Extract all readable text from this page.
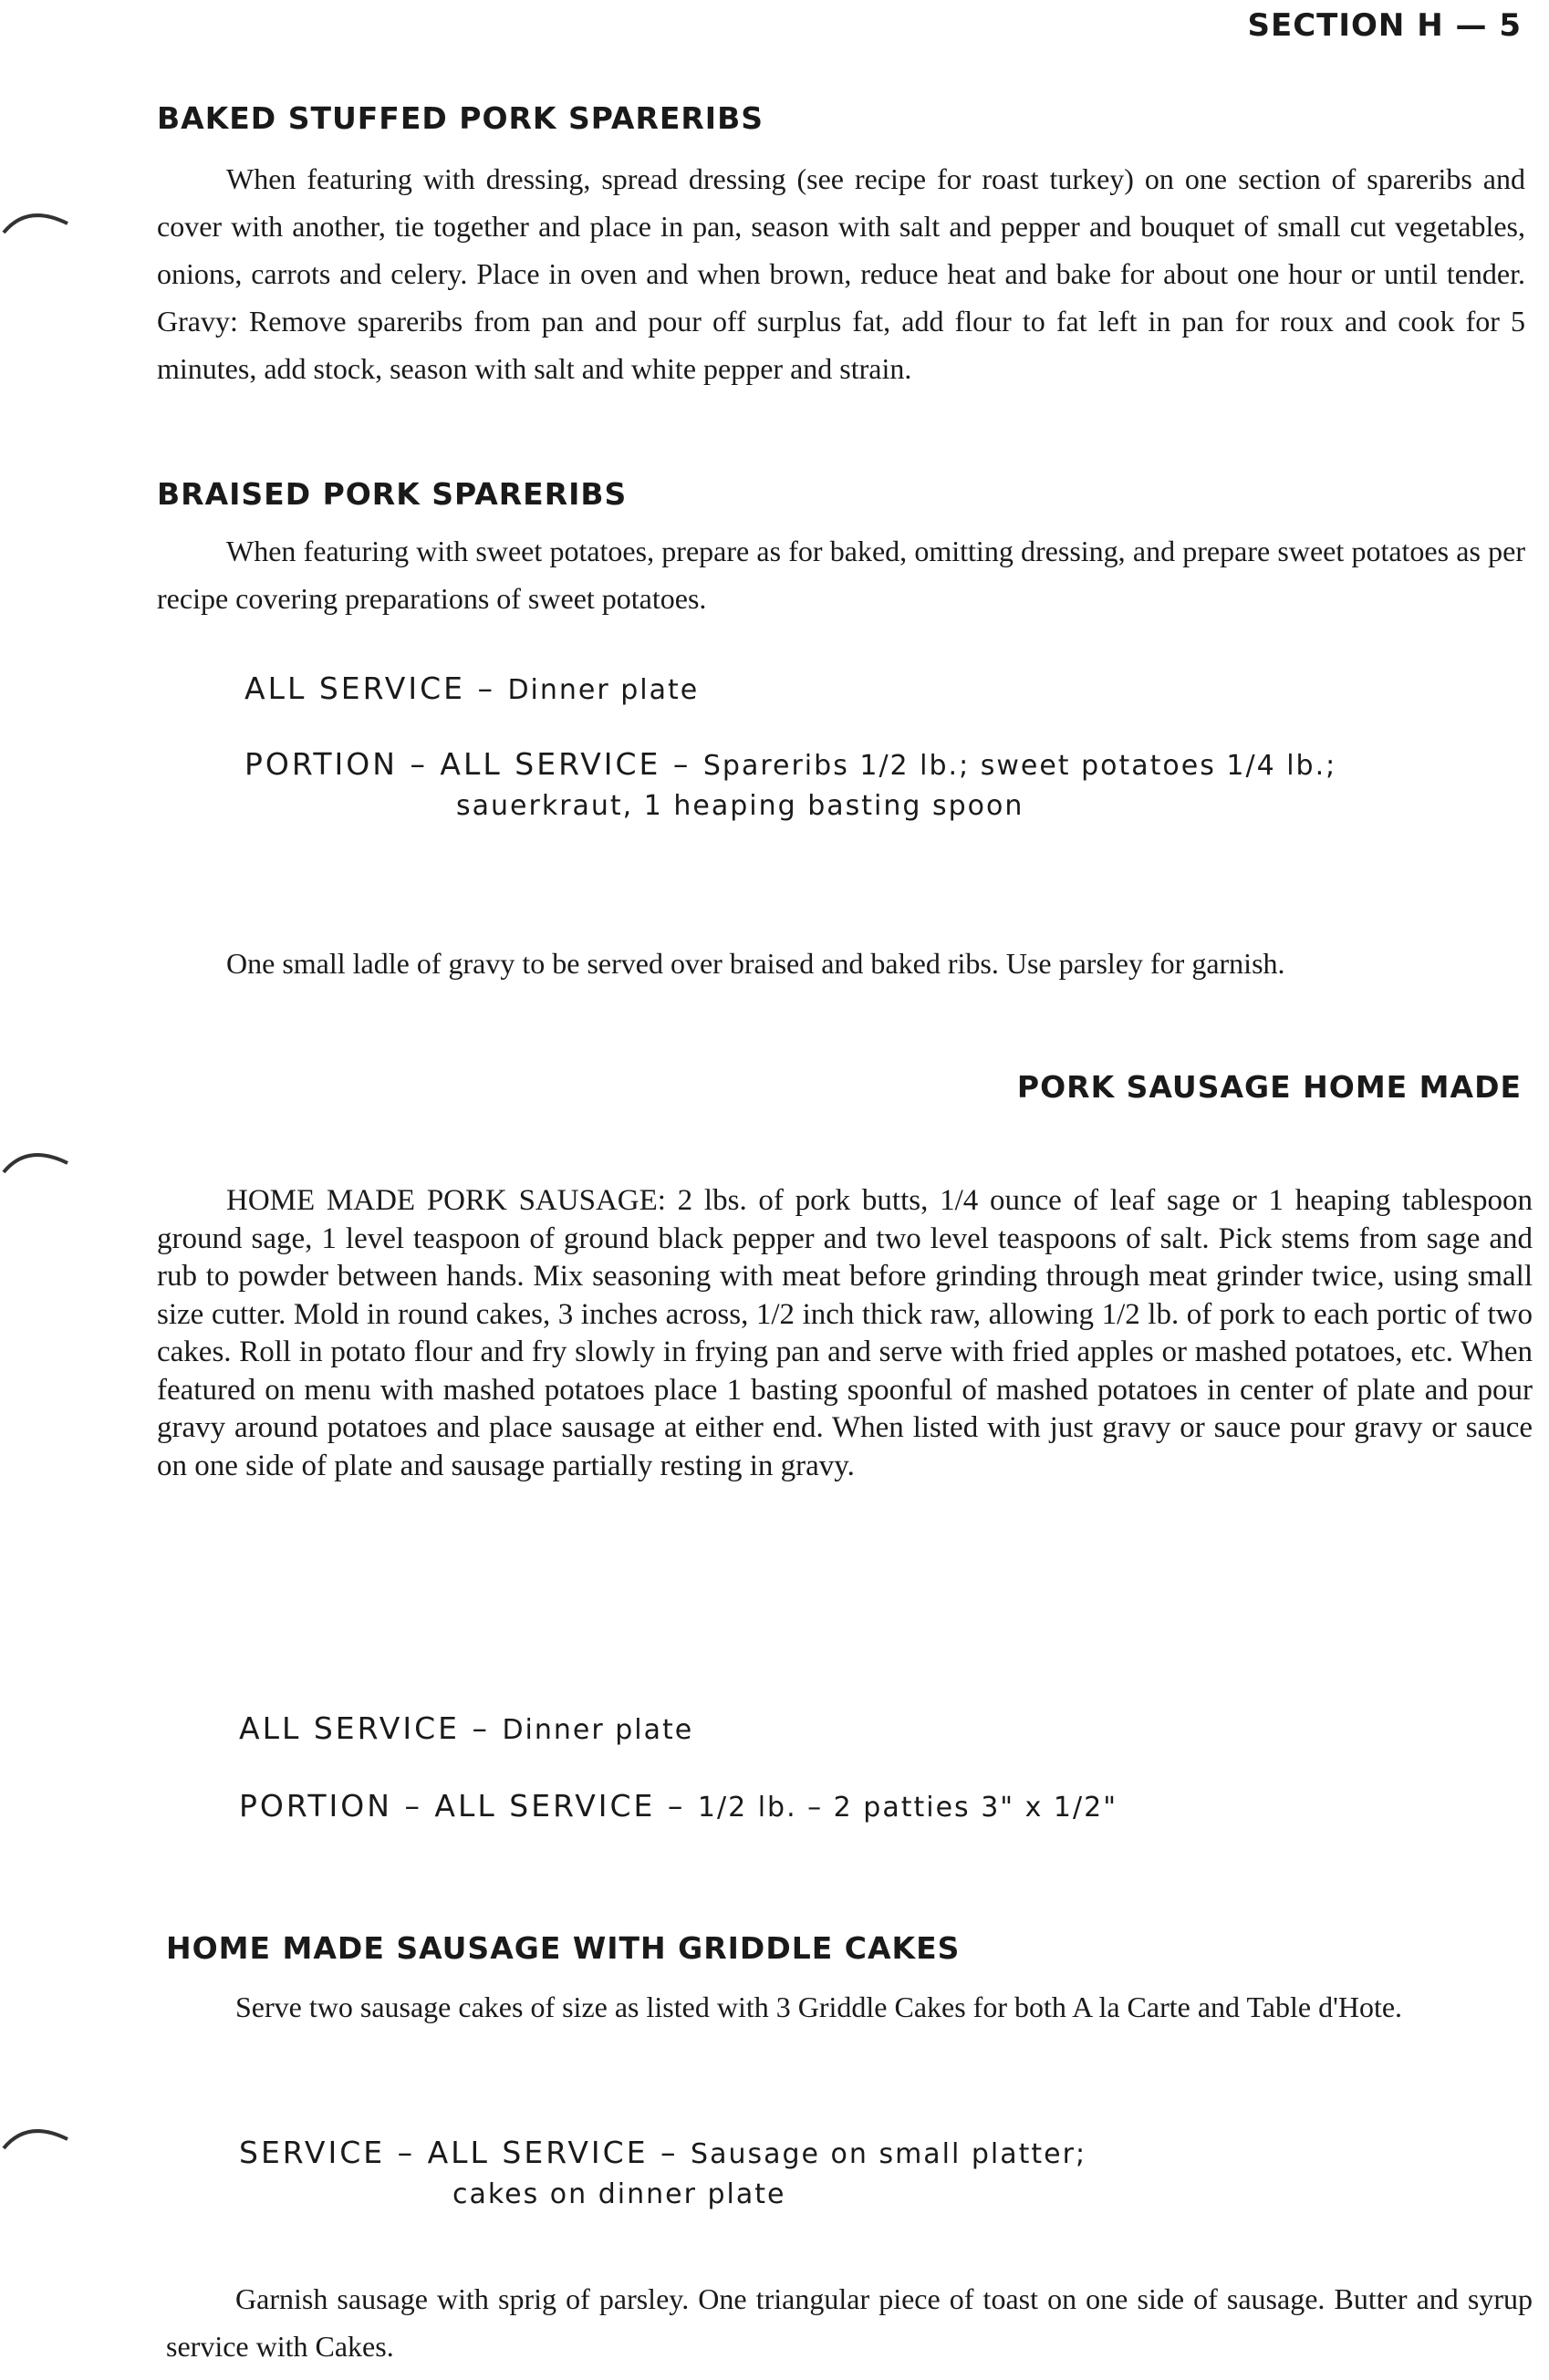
SECTION H — 5
BAKED STUFFED PORK SPARERIBS
When featuring with dressing, spread dressing (see recipe for roast turkey) on one section of spareribs and cover with another, tie together and place in pan, season with salt and pepper and bouquet of small cut vegetables, onions, carrots and celery. Place in oven and when brown, reduce heat and bake for about one hour or until tender. Gravy: Remove spareribs from pan and pour off surplus fat, add flour to fat left in pan for roux and cook for 5 minutes, add stock, season with salt and white pepper and strain.
BRAISED PORK SPARERIBS
When featuring with sweet potatoes, prepare as for baked, omitting dressing, and prepare sweet potatoes as per recipe covering preparations of sweet potatoes.
ALL SERVICE – Dinner plate
PORTION – ALL SERVICE – Spareribs 1/2 lb.; sweet potatoes 1/4 lb.;
sauerkraut, 1 heaping basting spoon
One small ladle of gravy to be served over braised and baked ribs. Use parsley for garnish.
PORK SAUSAGE HOME MADE
HOME MADE PORK SAUSAGE: 2 lbs. of pork butts, 1/4 ounce of leaf sage or 1 heaping tablespoon ground sage, 1 level teaspoon of ground black pepper and two level teaspoons of salt. Pick stems from sage and rub to powder between hands. Mix seasoning with meat before grinding through meat grinder twice, using small size cutter. Mold in round cakes, 3 inches across, 1/2 inch thick raw, allowing 1/2 lb. of pork to each portic of two cakes. Roll in potato flour and fry slowly in frying pan and serve with fried apples or mashed potatoes, etc. When featured on menu with mashed potatoes place 1 basting spoonful of mashed potatoes in center of plate and pour gravy around potatoes and place sausage at either end. When listed with just gravy or sauce pour gravy or sauce on one side of plate and sausage partially resting in gravy.
ALL SERVICE – Dinner plate
PORTION – ALL SERVICE – 1/2 lb. – 2 patties 3" x 1/2"
HOME MADE SAUSAGE WITH GRIDDLE CAKES
Serve two sausage cakes of size as listed with 3 Griddle Cakes for both A la Carte and Table d'Hote.
SERVICE – ALL SERVICE – Sausage on small platter;
cakes on dinner plate
Garnish sausage with sprig of parsley. One triangular piece of toast on one side of sausage. Butter and syrup service with Cakes.
